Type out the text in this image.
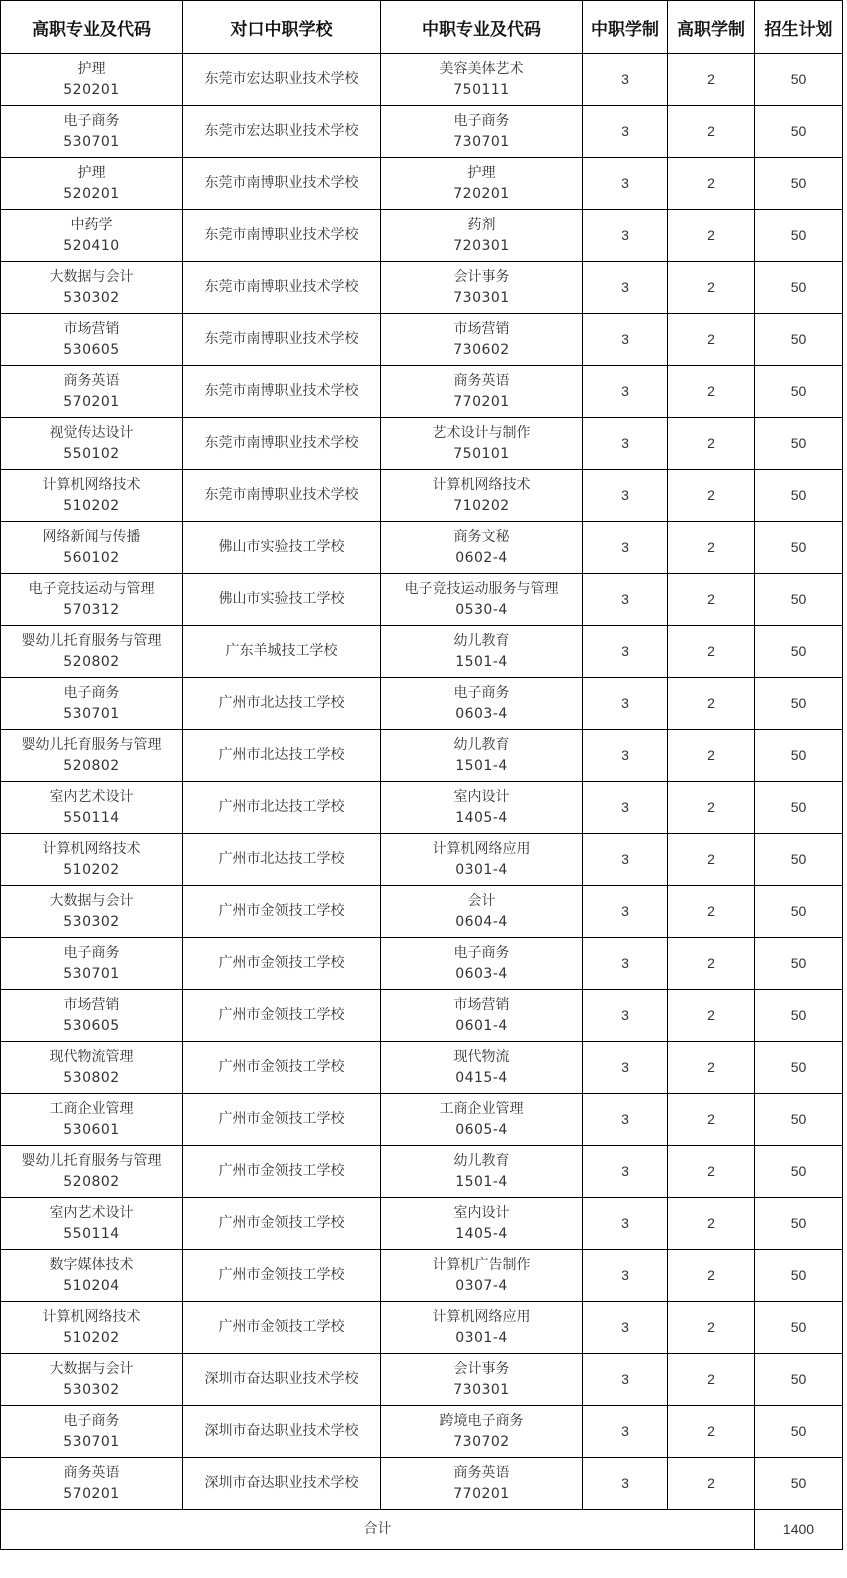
高职专业及代码	对口中职学校	中职专业及代码	中职学制	高职学制	招生计划

护理
520201	东莞市宏达职业技术学校	美容美体艺术
750111	3	2	50

电子商务
530701	东莞市宏达职业技术学校	电子商务
730701	3	2	50

护理
520201	东莞市南博职业技术学校	护理
720201	3	2	50

中药学
520410	东莞市南博职业技术学校	药剂
720301	3	2	50

大数据与会计
530302	东莞市南博职业技术学校	会计事务
730301	3	2	50

市场营销
530605	东莞市南博职业技术学校	市场营销
730602	3	2	50

商务英语
570201	东莞市南博职业技术学校	商务英语
770201	3	2	50

视觉传达设计
550102	东莞市南博职业技术学校	艺术设计与制作
750101	3	2	50

计算机网络技术
510202	东莞市南博职业技术学校	计算机网络技术
710202	3	2	50

网络新闻与传播
560102	佛山市实验技工学校	商务文秘
0602-4	3	2	50

电子竞技运动与管理
570312	佛山市实验技工学校	电子竞技运动服务与管理
0530-4	3	2	50

婴幼儿托育服务与管理
520802	广东羊城技工学校	幼儿教育
1501-4	3	2	50

电子商务
530701	广州市北达技工学校	电子商务
0603-4	3	2	50

婴幼儿托育服务与管理
520802	广州市北达技工学校	幼儿教育
1501-4	3	2	50

室内艺术设计
550114	广州市北达技工学校	室内设计
1405-4	3	2	50

计算机网络技术
510202	广州市北达技工学校	计算机网络应用
0301-4	3	2	50

大数据与会计
530302	广州市金领技工学校	会计
0604-4	3	2	50

电子商务
530701	广州市金领技工学校	电子商务
0603-4	3	2	50

市场营销
530605	广州市金领技工学校	市场营销
0601-4	3	2	50

现代物流管理
530802	广州市金领技工学校	现代物流
0415-4	3	2	50

工商企业管理
530601	广州市金领技工学校	工商企业管理
0605-4	3	2	50

婴幼儿托育服务与管理
520802	广州市金领技工学校	幼儿教育
1501-4	3	2	50

室内艺术设计
550114	广州市金领技工学校	室内设计
1405-4	3	2	50

数字媒体技术
510204	广州市金领技工学校	计算机广告制作
0307-4	3	2	50

计算机网络技术
510202	广州市金领技工学校	计算机网络应用
0301-4	3	2	50

大数据与会计
530302	深圳市奋达职业技术学校	会计事务
730301	3	2	50

电子商务
530701	深圳市奋达职业技术学校	跨境电子商务
730702	3	2	50

商务英语
570201	深圳市奋达职业技术学校	商务英语
770201	3	2	50
合计					1400
